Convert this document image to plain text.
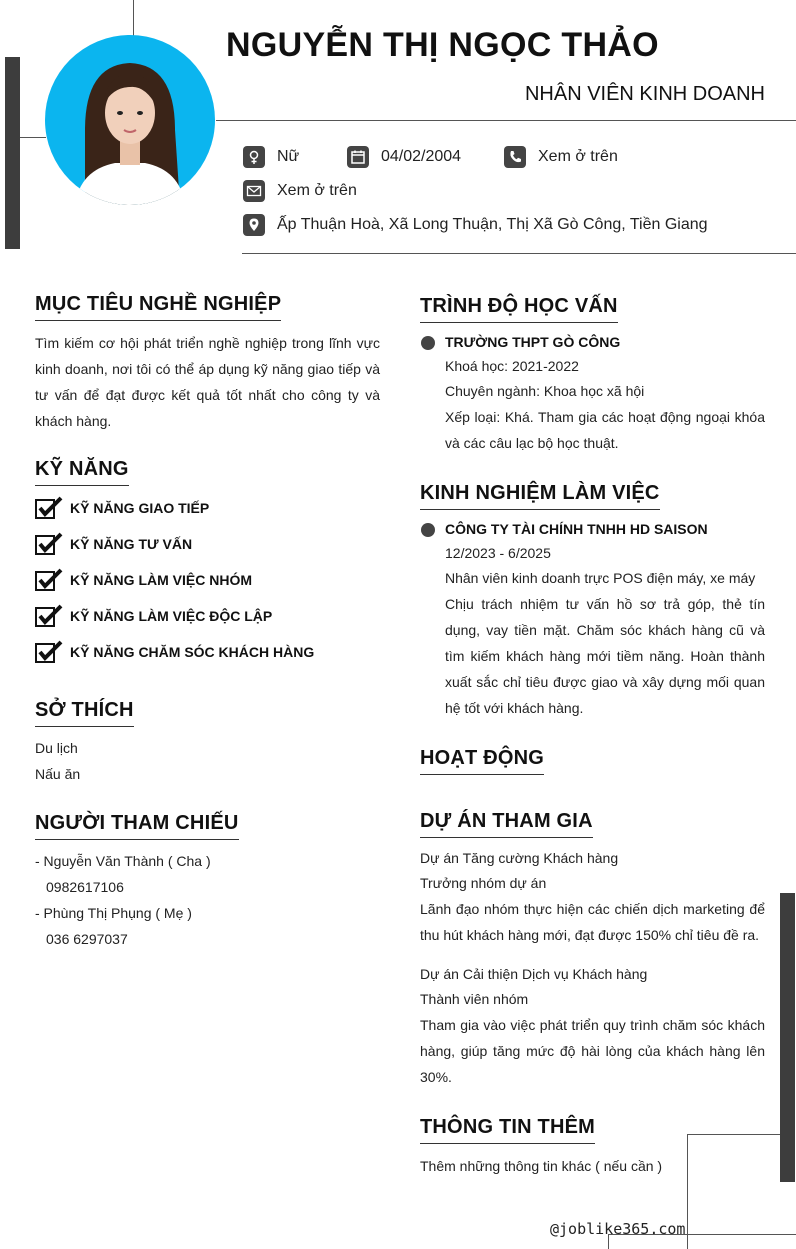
NGUYỄN THỊ NGỌC THẢO
NHÂN VIÊN KINH DOANH
Nữ	04/02/2004	Xem ở trên
Xem ở trên
Ấp Thuận Hoà, Xã Long Thuận, Thị Xã Gò Công, Tiền Giang
MỤC TIÊU NGHỀ NGHIỆP
Tìm kiếm cơ hội phát triển nghề nghiệp trong lĩnh vực kinh doanh, nơi tôi có thể áp dụng kỹ năng giao tiếp và tư vấn để đạt được kết quả tốt nhất cho công ty và khách hàng.
KỸ NĂNG
KỸ NĂNG GIAO TIẾP
KỸ NĂNG TƯ VẤN
KỸ NĂNG LÀM VIỆC NHÓM
KỸ NĂNG LÀM VIỆC ĐỘC LẬP
KỸ NĂNG CHĂM SÓC KHÁCH HÀNG
SỞ THÍCH
Du lịch
Nấu ăn
NGƯỜI THAM CHIẾU
- Nguyễn Văn Thành ( Cha )
0982617106
- Phùng Thị Phụng ( Mẹ )
036 6297037
TRÌNH ĐỘ HỌC VẤN
TRƯỜNG THPT GÒ CÔNG
Khoá học: 2021-2022
Chuyên ngành: Khoa học xã hội
Xếp loại: Khá. Tham gia các hoạt động ngoại khóa và các câu lạc bộ học thuật.
KINH NGHIỆM LÀM VIỆC
CÔNG TY TÀI CHÍNH TNHH HD SAISON
12/2023 - 6/2025
Nhân viên kinh doanh trực POS điện máy, xe máy
Chịu trách nhiệm tư vấn hồ sơ trả góp, thẻ tín dụng, vay tiền mặt. Chăm sóc khách hàng cũ và tìm kiếm khách hàng mới tiềm năng. Hoàn thành xuất sắc chỉ tiêu được giao và xây dựng mối quan hệ tốt với khách hàng.
HOẠT ĐỘNG
DỰ ÁN THAM GIA
Dự án Tăng cường Khách hàng
Trưởng nhóm dự án
Lãnh đạo nhóm thực hiện các chiến dịch marketing để thu hút khách hàng mới, đạt được 150% chỉ tiêu đề ra.
Dự án Cải thiện Dịch vụ Khách hàng
Thành viên nhóm
Tham gia vào việc phát triển quy trình chăm sóc khách hàng, giúp tăng mức độ hài lòng của khách hàng lên 30%.
THÔNG TIN THÊM
Thêm những thông tin khác ( nếu cần )
@joblike365.com
